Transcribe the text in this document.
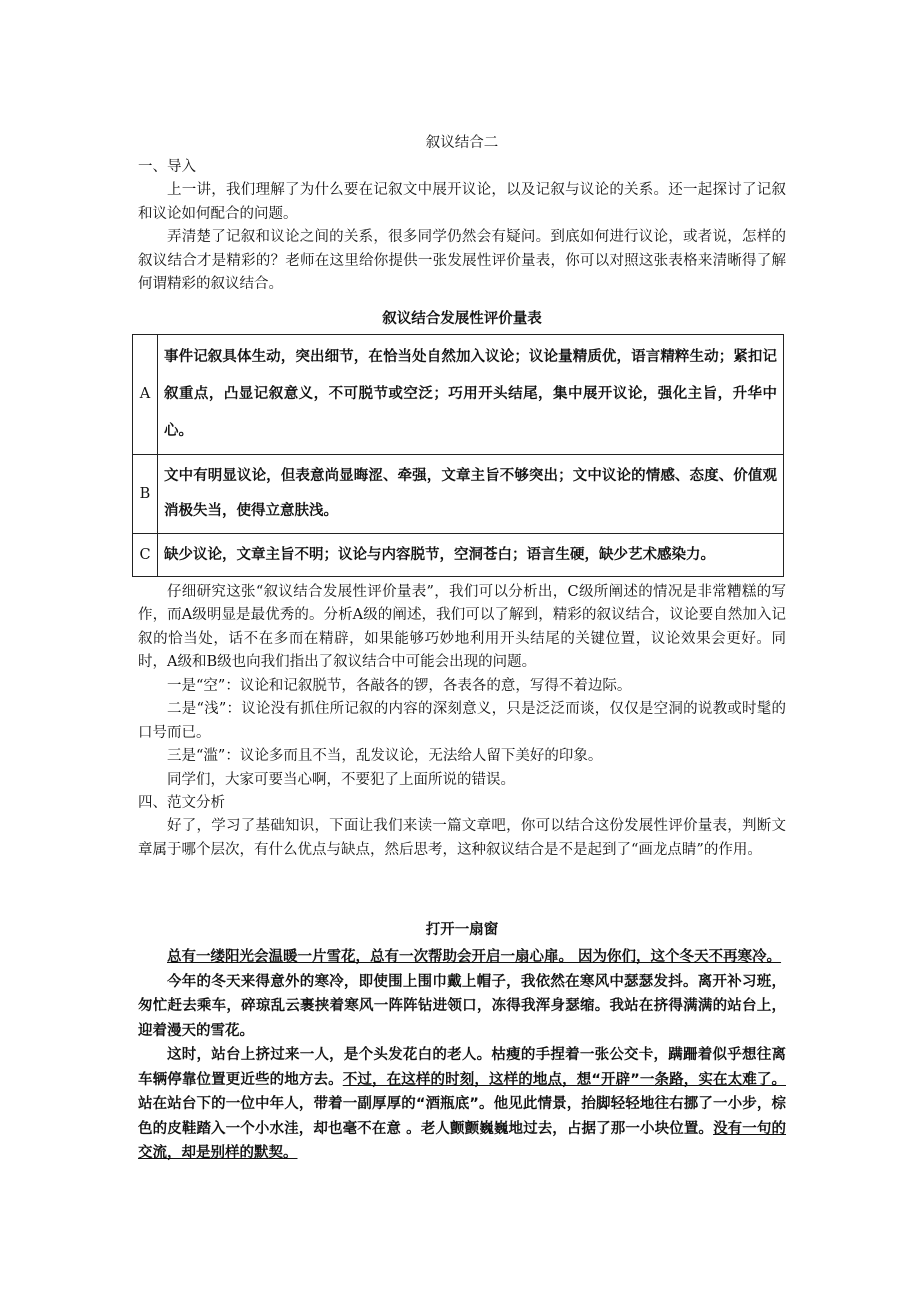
叙议结合二
一、导入

上一讲，我们理解了为什么要在记叙文中展开议论，以及记叙与议论的关系。还一起探讨了记叙和议论如何配合的问题。

弄清楚了记叙和议论之间的关系，很多同学仍然会有疑问。到底如何进行议论，或者说，怎样的叙议结合才是精彩的？老师在这里给你提供一张发展性评价量表，你可以对照这张表格来清晰得了解何谓精彩的叙议结合。

叙议结合发展性评价量表
A	事件记叙具体生动，突出细节，在恰当处自然加入议论；议论量精质优，语言精粹生动；紧扣记叙重点，凸显记叙意义，不可脱节或空泛；巧用开头结尾，集中展开议论，强化主旨，升华中心。
B	文中有明显议论，但表意尚显晦涩、牵强，文章主旨不够突出；文中议论的情感、态度、价值观消极失当，使得立意肤浅。
C	缺少议论，文章主旨不明；议论与内容脱节，空洞苍白；语言生硬，缺少艺术感染力。

仔细研究这张“叙议结合发展性评价量表”，我们可以分析出，C级所阐述的情况是非常糟糕的写作，而A级明显是最优秀的。分析A级的阐述，我们可以了解到，精彩的叙议结合，议论要自然加入记叙的恰当处，话不在多而在精辟，如果能够巧妙地利用开头结尾的关键位置，议论效果会更好。同时，A级和B级也向我们指出了叙议结合中可能会出现的问题。

一是“空”：议论和记叙脱节，各敲各的锣，各表各的意，写得不着边际。

二是“浅”：议论没有抓住所记叙的内容的深刻意义，只是泛泛而谈，仅仅是空洞的说教或时髦的口号而已。

三是“滥”：议论多而且不当，乱发议论，无法给人留下美好的印象。

同学们，大家可要当心啊，不要犯了上面所说的错误。

四、范文分析

好了，学习了基础知识，下面让我们来读一篇文章吧，你可以结合这份发展性评价量表，判断文章属于哪个层次，有什么优点与缺点，然后思考，这种叙议结合是不是起到了“画龙点睛”的作用。

打开一扇窗

总有一缕阳光会温暖一片雪花，总有一次帮助会开启一扇心扉。 因为你们，这个冬天不再寒冷。

今年的冬天来得意外的寒冷，即使围上围巾戴上帽子，我依然在寒风中瑟瑟发抖。离开补习班，匆忙赶去乘车，碎琼乱云裹挟着寒风一阵阵钻进领口，冻得我浑身瑟缩。我站在挤得满满的站台上，迎着漫天的雪花。

这时，站台上挤过来一人，是个头发花白的老人。枯瘦的手捏着一张公交卡，蹒跚着似乎想往离车辆停靠位置更近些的地方去。不过，在这样的时刻，这样的地点，想“开辟”一条路，实在太难了。站在站台下的一位中年人，带着一副厚厚的“酒瓶底”。他见此情景，抬脚轻轻地往右挪了一小步，棕色的皮鞋踏入一个小水洼，却也毫不在意 。老人颤颤巍巍地过去，占据了那一小块位置。没有一句的交流，却是别样的默契。
